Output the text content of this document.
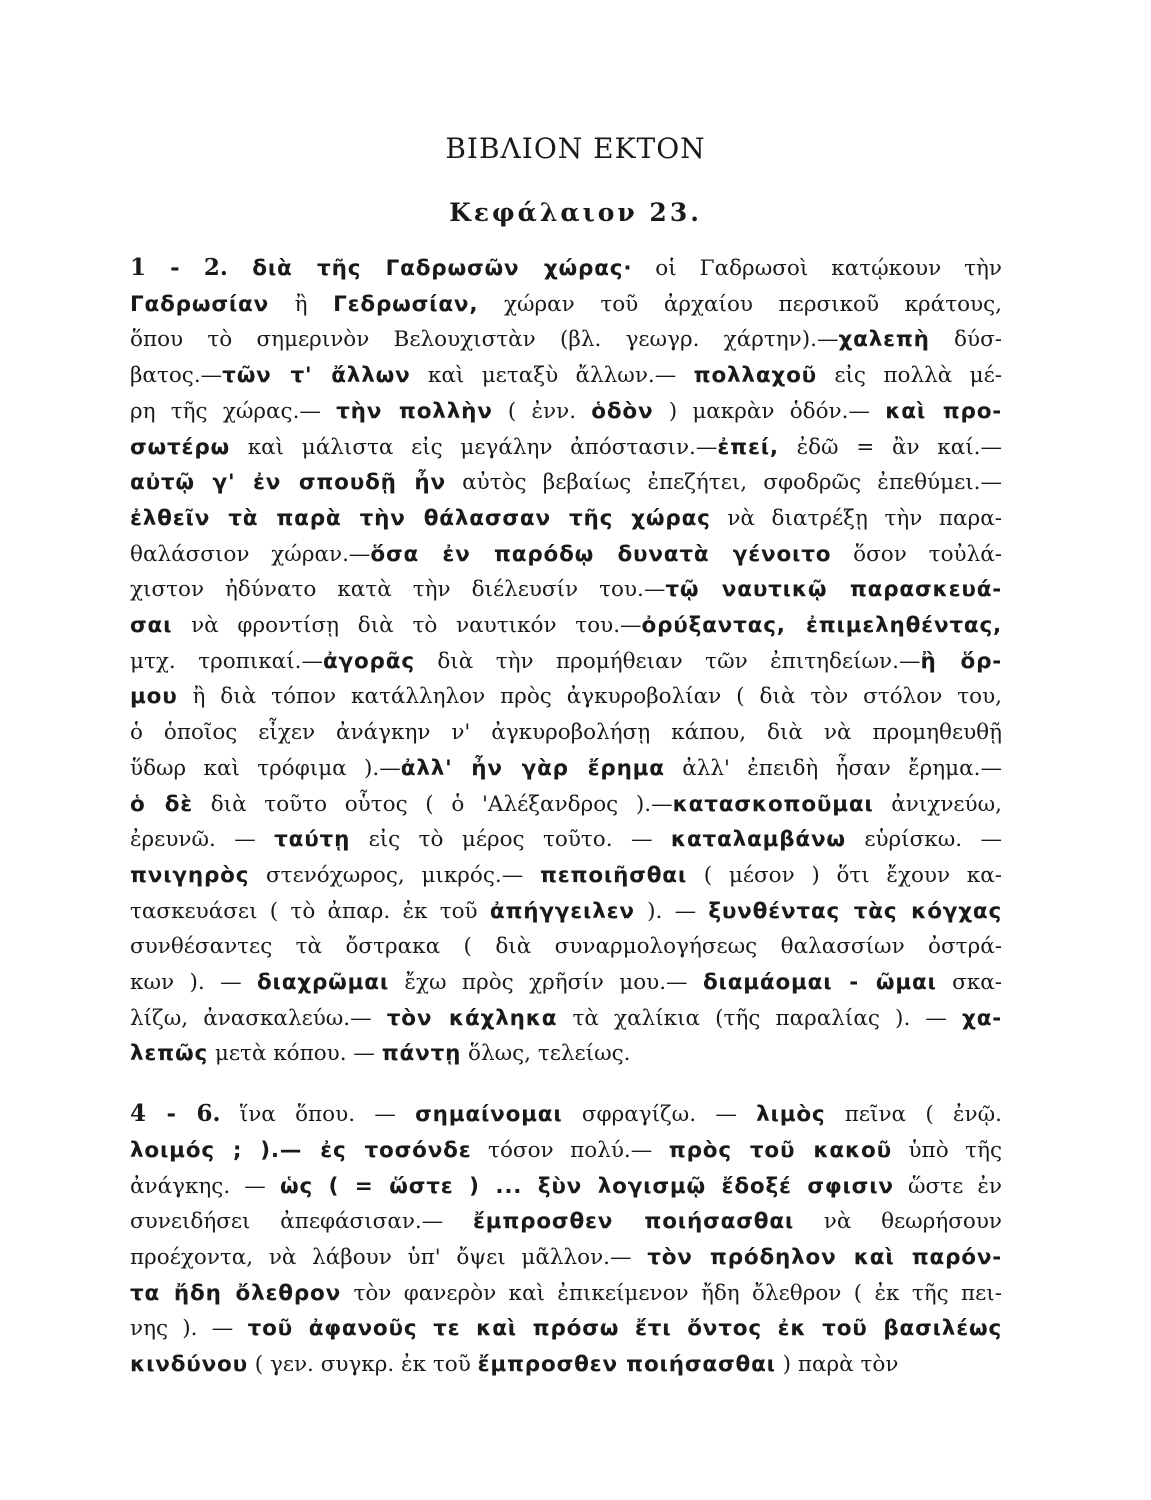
ΒΙΒΛΙΟΝ ΕΚΤΟΝ
Κεφάλαιον 23.
1 - 2. διὰ τῆς Γαδρωσῶν χώρας· οἱ Γαδρωσοὶ κατῴκουν τὴν
Γαδρωσίαν ἢ Γεδρωσίαν, χώραν τοῦ ἀρχαίου περσικοῦ κράτους,
ὅπου τὸ σημερινὸν Βελουχιστὰν (βλ. γεωγρ. χάρτην).—χαλεπὴ δύσ-
βατος.—τῶν τ' ἄλλων καὶ μεταξὺ ἄλλων.— πολλαχοῦ εἰς πολλὰ μέ-
ρη τῆς χώρας.— τὴν πολλὴν ( ἐνν. ὁδὸν ) μακρὰν ὁδόν.— καὶ προ-
σωτέρω καὶ μάλιστα εἰς μεγάλην ἀπόστασιν.—ἐπεί, ἐδῶ = ἂν καί.—
αὐτῷ γ' ἐν σπουδῇ ἦν αὐτὸς βεβαίως ἐπεζήτει, σφοδρῶς ἐπεθύμει.—
ἐλθεῖν τὰ παρὰ τὴν θάλασσαν τῆς χώρας νὰ διατρέξῃ τὴν παρα-
θαλάσσιον χώραν.—ὅσα ἐν παρόδῳ δυνατὰ γένοιτο ὅσον τοὐλά-
χιστον ἠδύνατο κατὰ τὴν διέλευσίν του.—τῷ ναυτικῷ παρασκευά-
σαι νὰ φροντίσῃ διὰ τὸ ναυτικόν του.—ὀρύξαντας, ἐπιμεληθέντας,
μτχ. τροπικαί.—ἀγορᾶς διὰ τὴν προμήθειαν τῶν ἐπιτηδείων.—ἢ ὅρ-
μου ἢ διὰ τόπον κατάλληλον πρὸς ἀγκυροβολίαν ( διὰ τὸν στόλον του,
ὁ ὁποῖος εἶχεν ἀνάγκην ν' ἀγκυροβολήσῃ κάπου, διὰ νὰ προμηθευθῇ
ὕδωρ καὶ τρόφιμα ).—ἀλλ' ἦν γὰρ ἔρημα ἀλλ' ἐπειδὴ ἦσαν ἔρημα.—
ὁ δὲ διὰ τοῦτο οὗτος ( ὁ 'Αλέξανδρος ).—κατασκοποῦμαι ἀνιχνεύω,
ἐρευνῶ. — ταύτῃ εἰς τὸ μέρος τοῦτο. — καταλαμβάνω εὑρίσκω. —
πνιγηρὸς στενόχωρος, μικρός.— πεποιῆσθαι ( μέσον ) ὅτι ἔχουν κα-
τασκευάσει ( τὸ ἀπαρ. ἐκ τοῦ ἀπήγγειλεν ). — ξυνθέντας τὰς κόγχας
συνθέσαντες τὰ ὄστρακα ( διὰ συναρμολογήσεως θαλασσίων ὀστρά-
κων ). — διαχρῶμαι ἔχω πρὸς χρῆσίν μου.— διαμάομαι - ῶμαι σκα-
λίζω, ἀνασκαλεύω.— τὸν κάχληκα τὰ χαλίκια (τῆς παραλίας ). — χα-
λεπῶς μετὰ κόπου. — πάντῃ ὅλως, τελείως.
4 - 6. ἵνα ὅπου. — σημαίνομαι σφραγίζω. — λιμὸς πεῖνα ( ἐνῷ.
λοιμός ; ).— ἐς τοσόνδε τόσον πολύ.— πρὸς τοῦ κακοῦ ὑπὸ τῆς
ἀνάγκης. — ὡς ( = ὥστε ) ... ξὺν λογισμῷ ἔδοξέ σφισιν ὥστε ἐν
συνειδήσει ἀπεφάσισαν.— ἔμπροσθεν ποιήσασθαι νὰ θεωρήσουν
προέχοντα, νὰ λάβουν ὑπ' ὄψει μᾶλλον.— τὸν πρόδηλον καὶ παρόν-
τα ἤδη ὄλεθρον τὸν φανερὸν καὶ ἐπικείμενον ἤδη ὄλεθρον ( ἐκ τῆς πει-
νης ). — τοῦ ἀφανοῦς τε καὶ πρόσω ἔτι ὄντος ἐκ τοῦ βασιλέως
κινδύνου ( γεν. συγκρ. ἐκ τοῦ ἔμπροσθεν ποιήσασθαι ) παρὰ τὸν
